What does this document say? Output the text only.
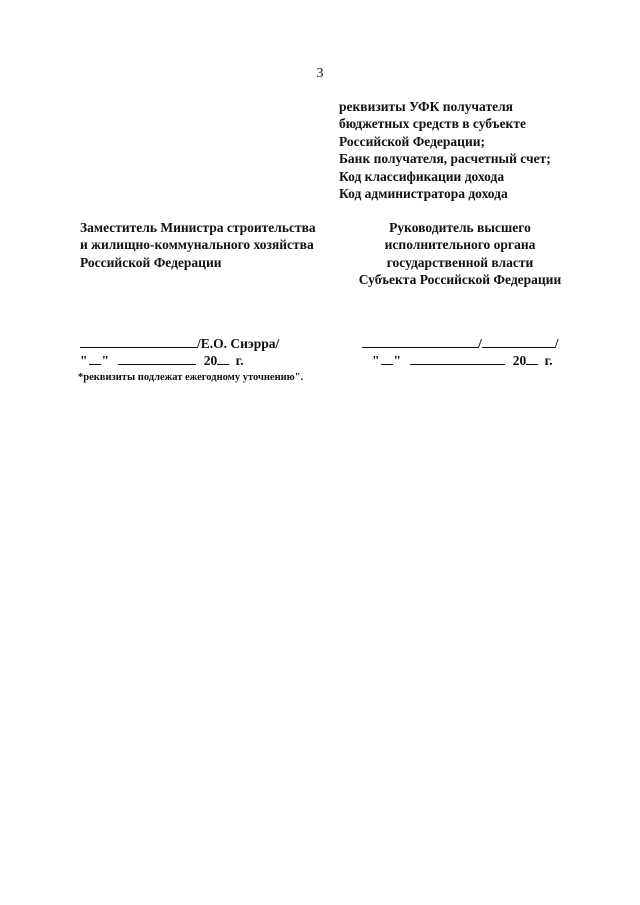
3
реквизиты УФК получателя
бюджетных средств в субъекте
Российской Федерации;
Банк получателя, расчетный счет;
Код классификации дохода
Код администратора дохода
Заместитель Министра строительства
и жилищно-коммунального хозяйства
Российской Федерации
Руководитель высшего
исполнительного органа
государственной власти
Субъекта Российской Федерации
/Е.О. Сиэрра/
" "	20 г.
/	/
" "	20 г.
*реквизиты подлежат ежегодному уточнению".
